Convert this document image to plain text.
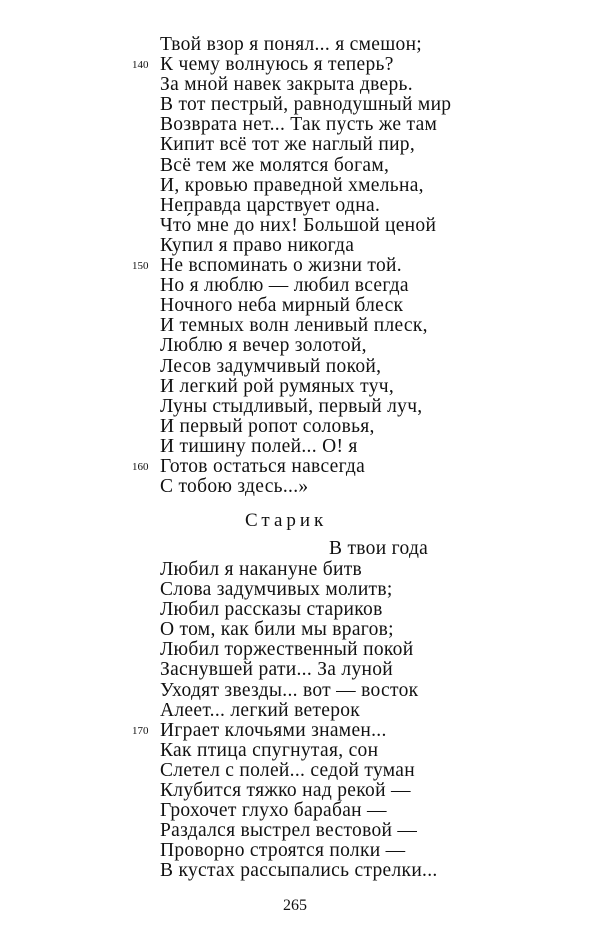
Твой взор я понял... я смешон;
К чему волнуюсь я теперь?
140
За мной навек закрыта дверь.
В тот пестрый, равнодушный мир
Возврата нет... Так пусть же там
Кипит всё тот же наглый пир,
Всё тем же молятся богам,
И, кровью праведной хмельна,
Неправда царствует одна.
Что́ мне до них! Большой ценой
Купил я право никогда
Не вспоминать о жизни той.
150
Но я люблю — любил всегда
Ночного неба мирный блеск
И темных волн ленивый плеск,
Люблю я вечер золотой,
Лесов задумчивый покой,
И легкий рой румяных туч,
Луны стыдливый, первый луч,
И первый ропот соловья,
И тишину полей... О! я
Готов остаться навсегда
160
С тобою здесь...»
Старик
В твои года
Любил я накануне битв
Слова задумчивых молитв;
Любил рассказы стариков
О том, как били мы врагов;
Любил торжественный покой
Заснувшей рати... За луной
Уходят звезды... вот — восток
Алеет... легкий ветерок
Играет клочьями знамен...
170
Как птица спугнутая, сон
Слетел с полей... седой туман
Клубится тяжко над рекой —
Грохочет глухо барабан —
Раздался выстрел вестовой —
Проворно строятся полки —
В кустах рассыпались стрелки...
265
